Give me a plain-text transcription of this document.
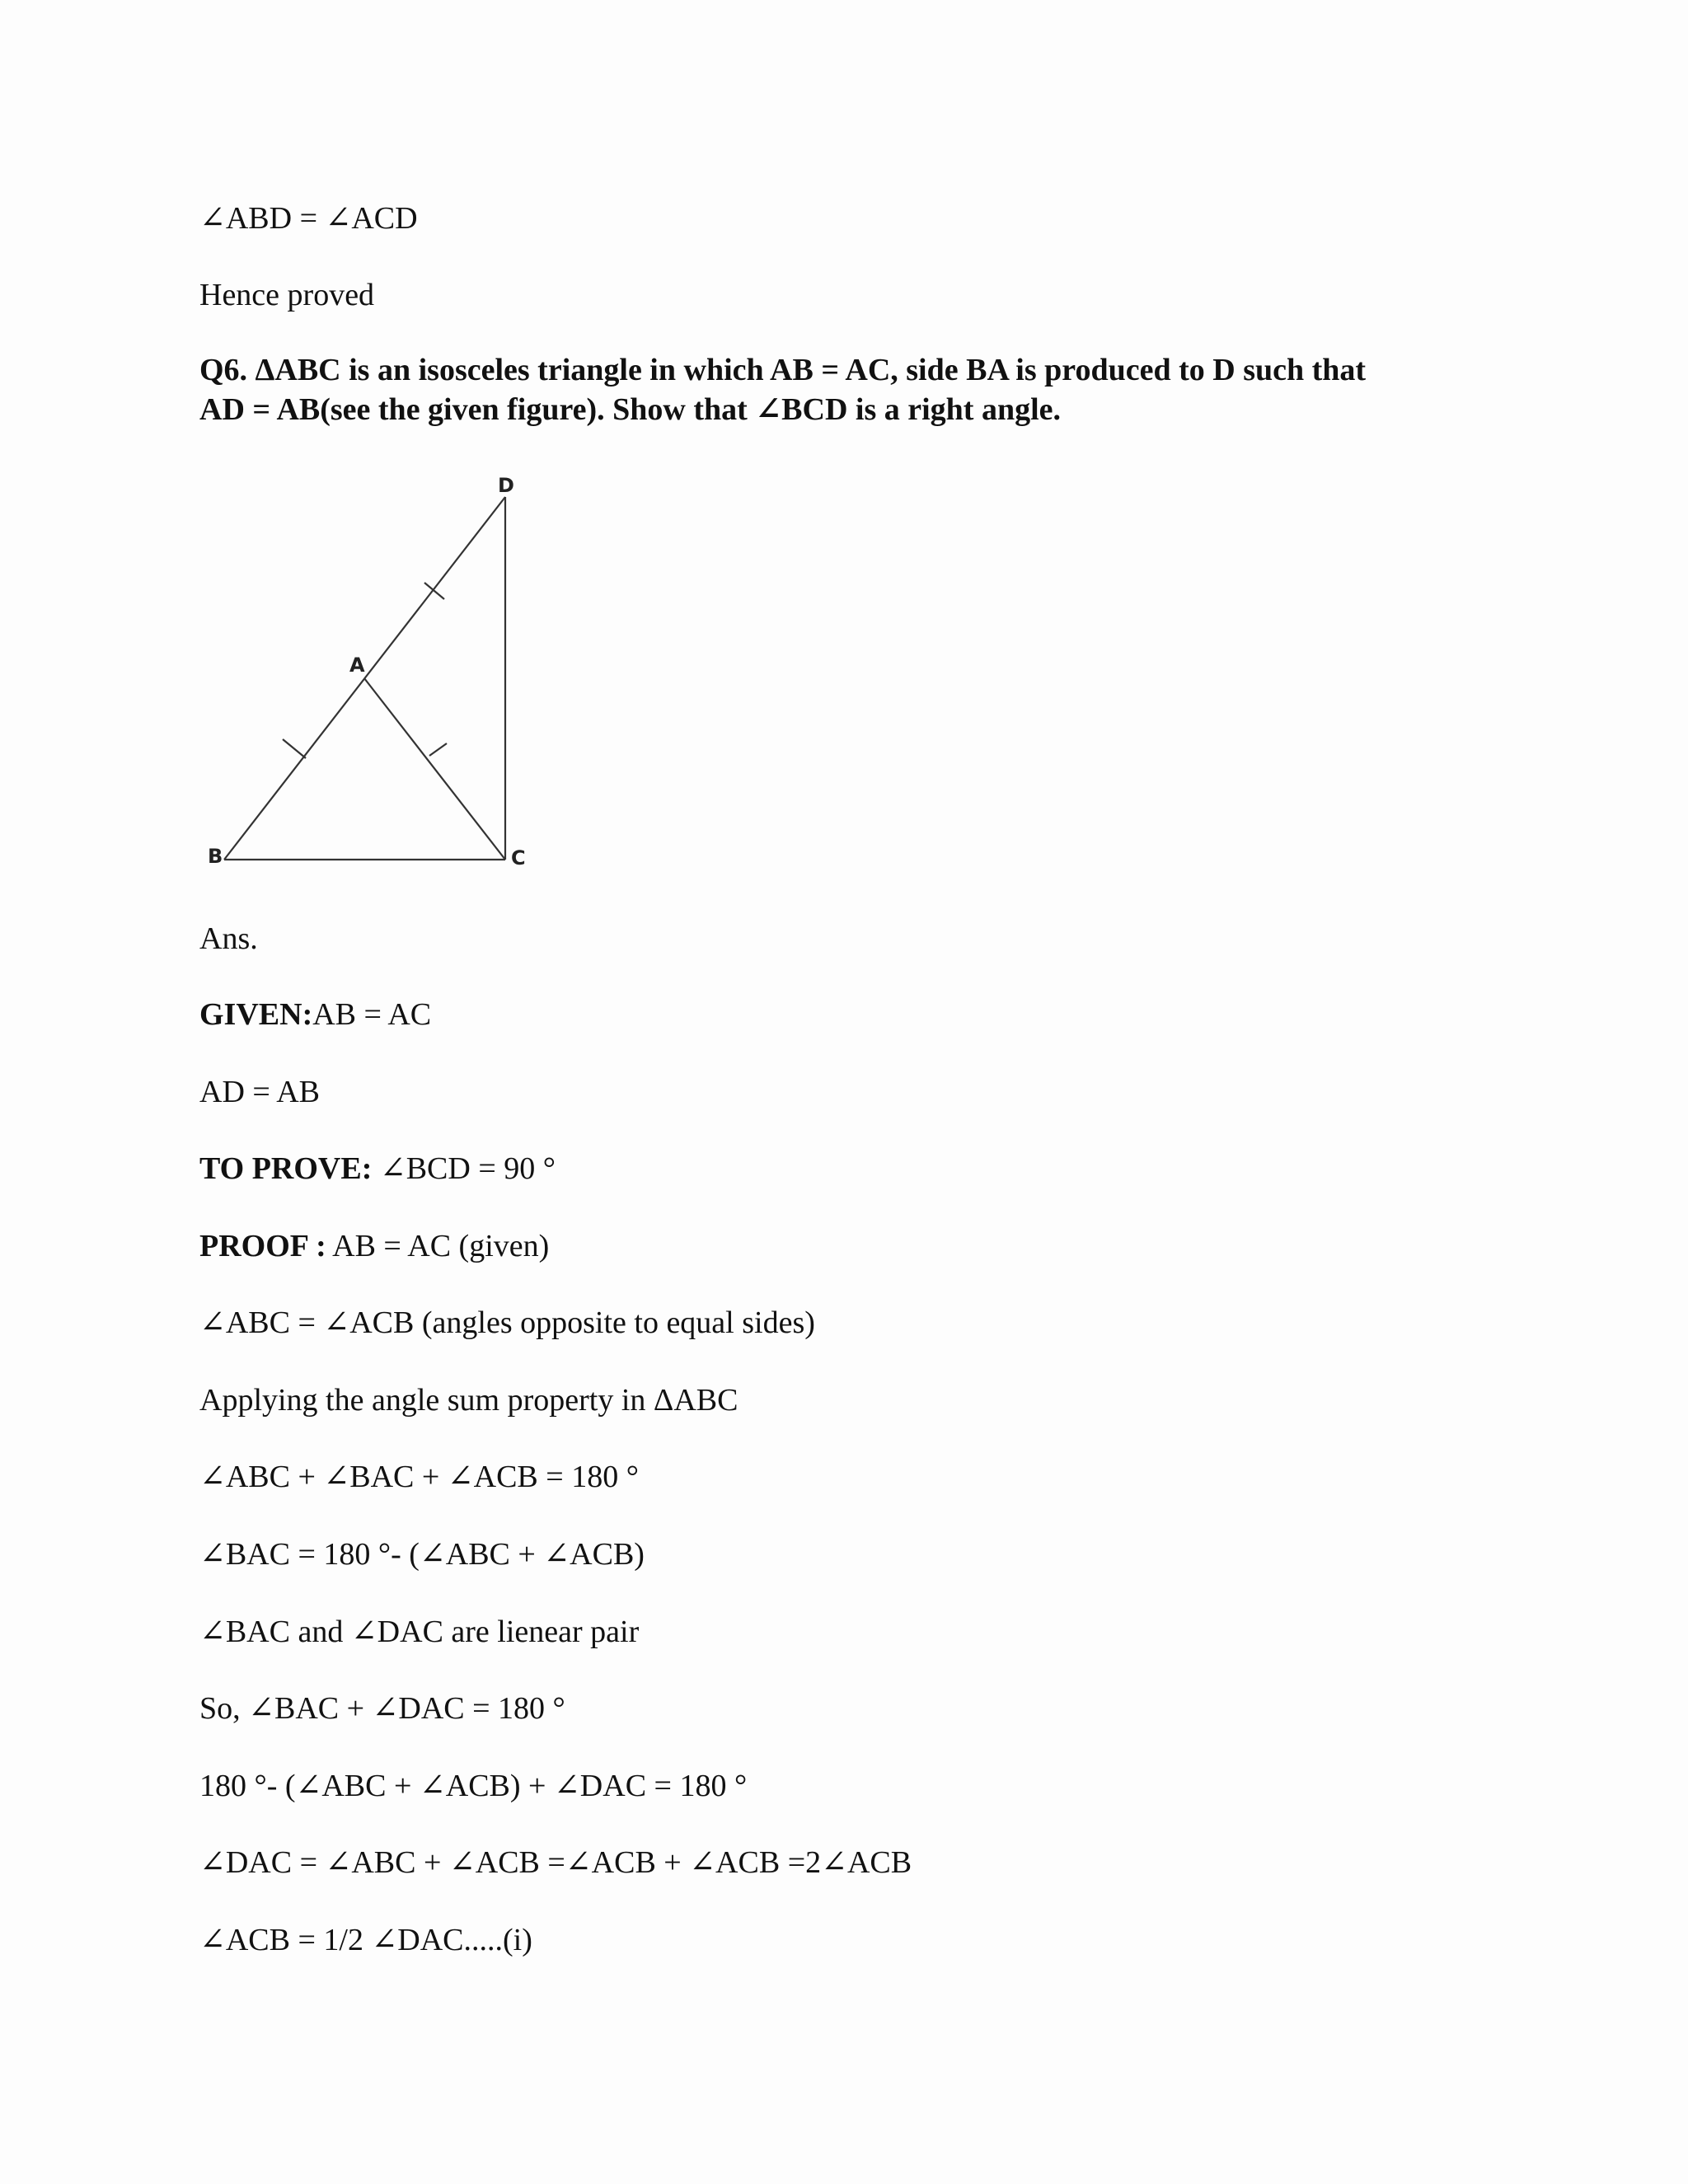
∠ABD = ∠ACD
Hence proved
Q6. ΔABC is an isosceles triangle in which AB = AC, side BA is produced to D such that
AD = AB(see the given figure). Show that ∠BCD is a right angle.
D
A
B	C
Ans.
GIVEN:AB = AC
AD = AB
TO PROVE: ∠BCD = 90 °
PROOF : AB = AC (given)
∠ABC = ∠ACB (angles opposite to equal sides)
Applying the angle sum property in ΔABC
∠ABC + ∠BAC + ∠ACB = 180 °
∠BAC = 180 °- (∠ABC + ∠ACB)
∠BAC and ∠DAC are lienear pair
So, ∠BAC + ∠DAC = 180 °
180 °- (∠ABC + ∠ACB) + ∠DAC = 180 °
∠DAC = ∠ABC + ∠ACB =∠ACB + ∠ACB =2∠ACB
∠ACB = 1/2 ∠DAC.....(i)
